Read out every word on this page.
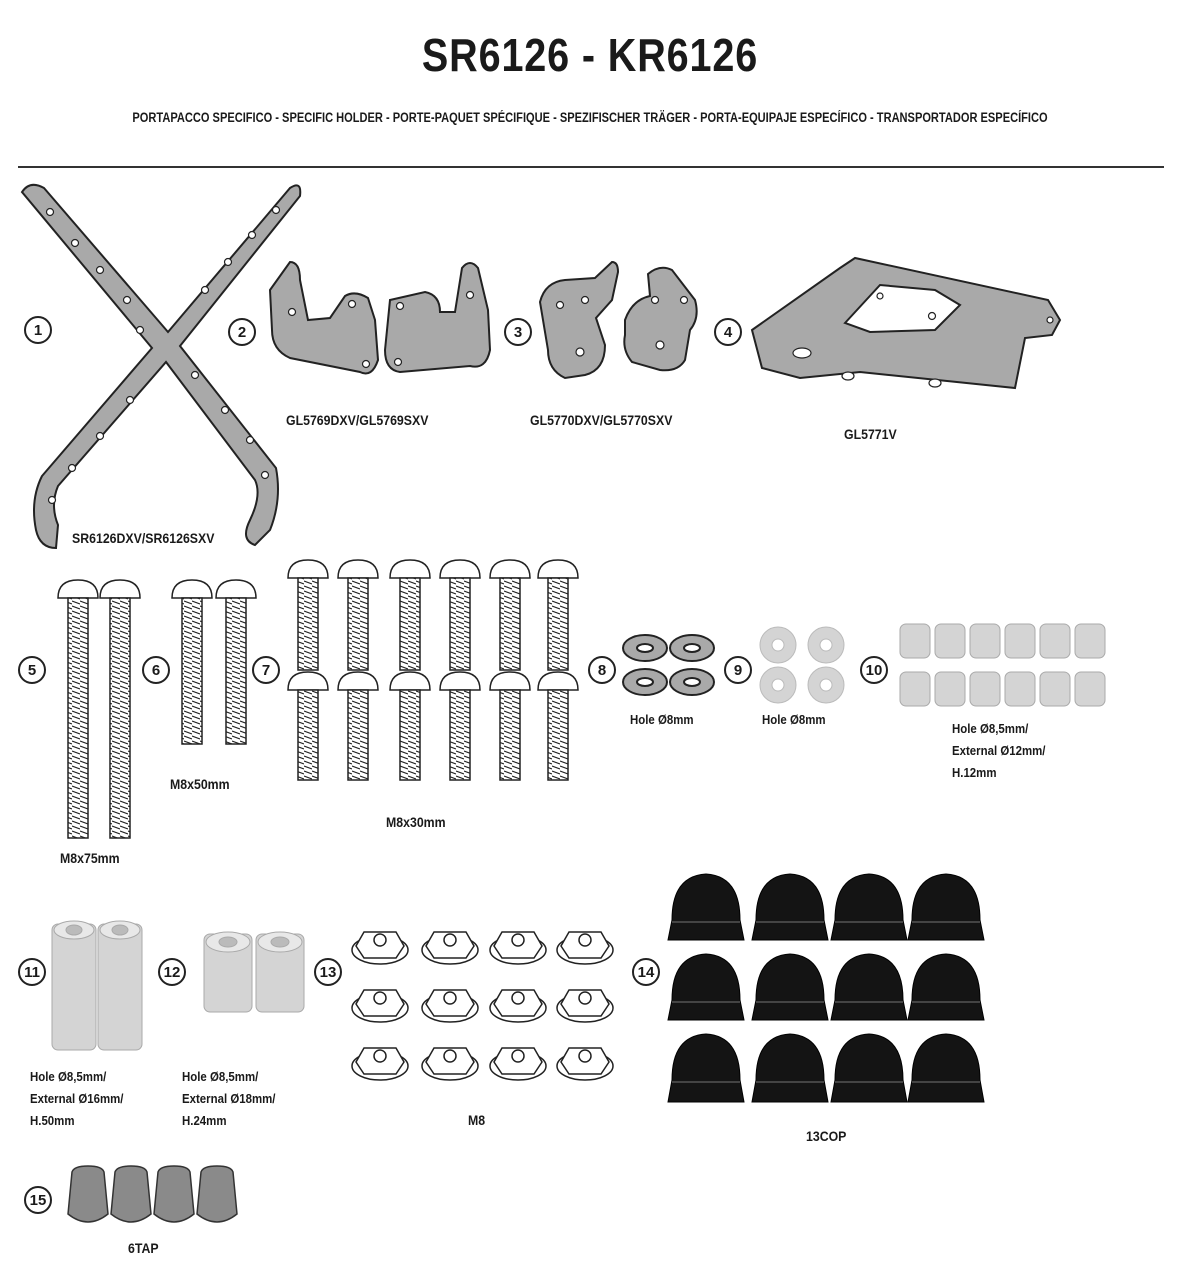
SR6126 - KR6126
PORTAPACCO SPECIFICO - SPECIFIC HOLDER - PORTE-PAQUET SPÉCIFIQUE - SPEZIFISCHER TRÄGER - PORTA-EQUIPAJE ESPECÍFICO - TRANSPORTADOR ESPECÍFICO
1	2	3	4
5	6	7	8	9	10
11	12	13	14
15
SR6126DXV/SR6126SXV
GL5769DXV/GL5769SXV	GL5770DXV/GL5770SXV
GL5771V
M8x75mm
M8x50mm
M8x30mm
Hole Ø8mm	Hole Ø8mm
Hole Ø8,5mm/
External Ø12mm/
H.12mm
Hole Ø8,5mm/
External Ø16mm/
H.50mm
Hole Ø8,5mm/
External Ø18mm/
H.24mm	M8
13COP
6TAP
